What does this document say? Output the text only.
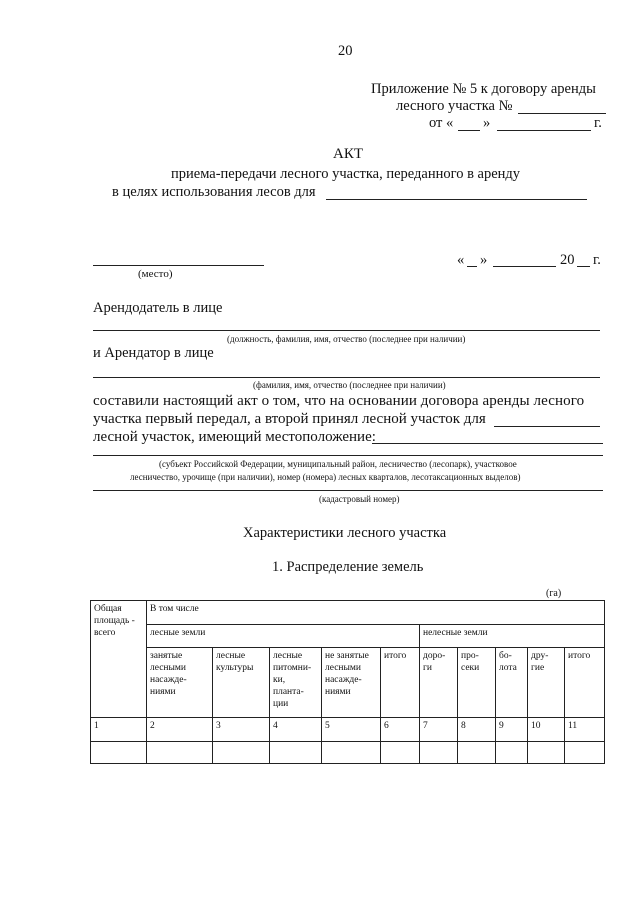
20
Приложение № 5 к договору аренды
лесного участка №
от « »	г.
АКТ
приема-передачи лесного участка, переданного в аренду
в целях использования лесов для
(место)
« »	20 г.
Арендодатель в лице
(должность, фамилия, имя, отчество (последнее при наличии)
и Арендатор в лице
(фамилия, имя, отчество (последнее при наличии)
составили настоящий акт о том, что на основании договора аренды лесного
участка первый передал, а второй принял лесной участок для
лесной участок, имеющий местоположение:
(субъект Российской Федерации, муниципальный район, лесничество (лесопарк), участковое
лесничество, урочище (при наличии), номер (номера) лесных кварталов, лесотаксационных выделов)
(кадастровый номер)
Характеристики лесного участка
1. Распределение земель
(га)
Общая площадь - всего	В том числе									
	лесные земли					нелесные земли				
	занятые лесными насажде- ниями	лесные культуры	лесные питомни- ки, планта- ции	не занятые лесными насажде- ниями	итого	доро- ги	про- секи	бо- лота	дру- гие	итого
1	2	3	4	5	6	7	8	9	10	11
